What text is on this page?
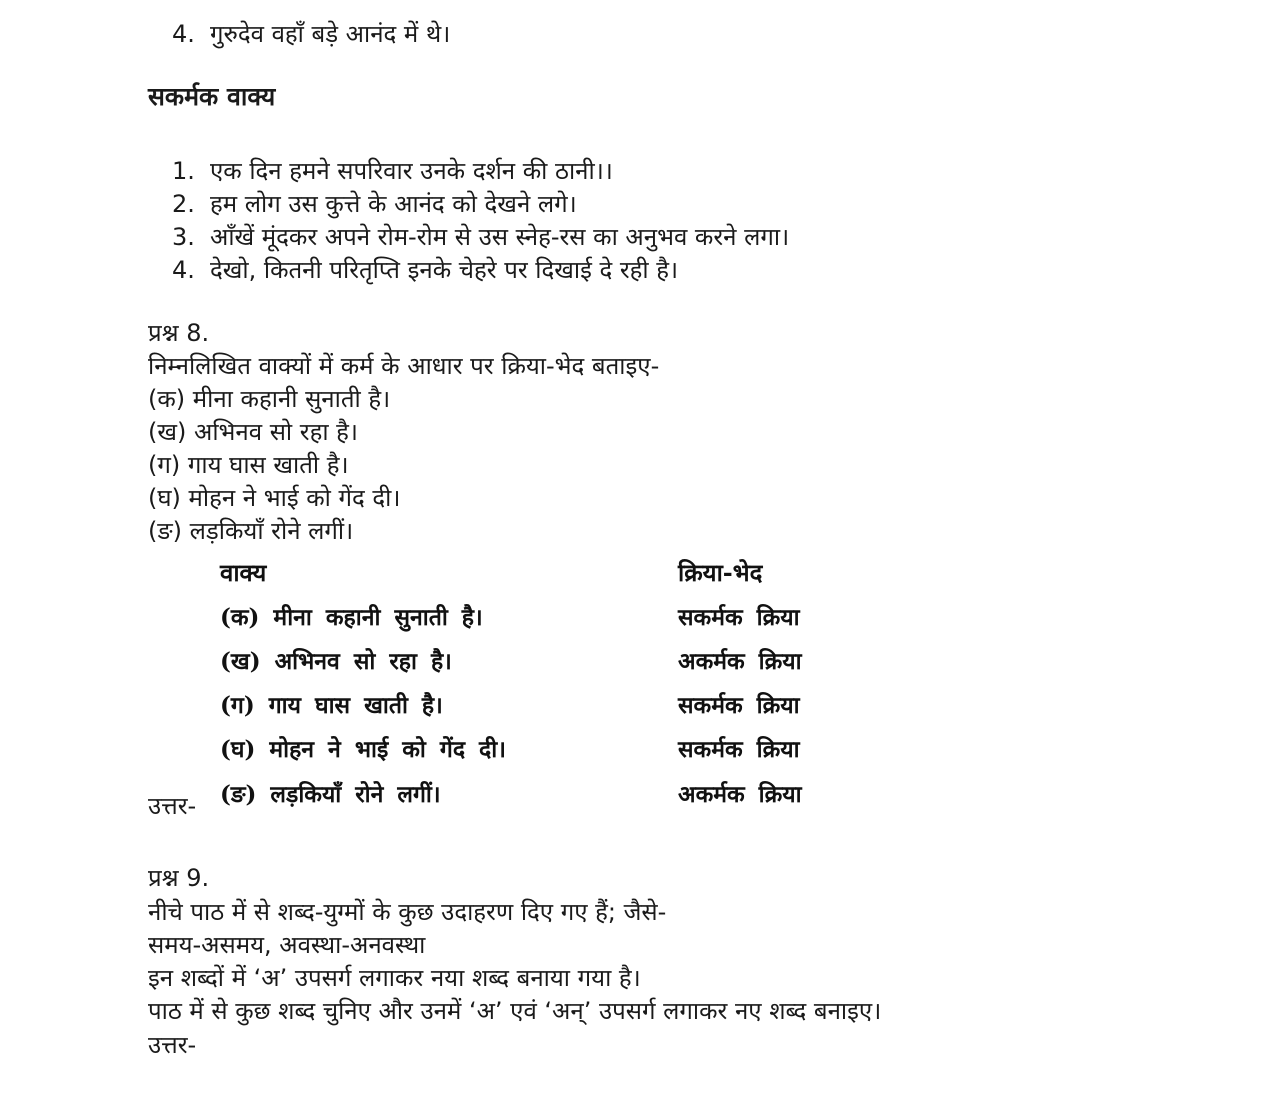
4. गुरुदेव वहाँ बड़े आनंद में थे।
सकर्मक वाक्य
1. एक दिन हमने सपरिवार उनके दर्शन की ठानी।।
2. हम लोग उस कुत्ते के आनंद को देखने लगे।
3. आँखें मूंदकर अपने रोम-रोम से उस स्नेह-रस का अनुभव करने लगा।
4. देखो, कितनी परितृप्ति इनके चेहरे पर दिखाई दे रही है।
प्रश्न 8.
निम्नलिखित वाक्यों में कर्म के आधार पर क्रिया-भेद बताइए-
(क) मीना कहानी सुनाती है।
(ख) अभिनव सो रहा है।
(ग) गाय घास खाती है।
(घ) मोहन ने भाई को गेंद दी।
(ङ) लड़कियाँ रोने लगीं।
उत्तर-
वाक्य	क्रिया-भेद
(क) मीना कहानी सुनाती है।	सकर्मक क्रिया
(ख) अभिनव सो रहा है।	अकर्मक क्रिया
(ग) गाय घास खाती है।	सकर्मक क्रिया
(घ) मोहन ने भाई को गेंद दी।	सकर्मक क्रिया
(ङ) लड़कियाँ रोने लगीं।	अकर्मक क्रिया
प्रश्न 9.
नीचे पाठ में से शब्द-युग्मों के कुछ उदाहरण दिए गए हैं; जैसे-
समय-असमय, अवस्था-अनवस्था
इन शब्दों में ‘अ’ उपसर्ग लगाकर नया शब्द बनाया गया है।
पाठ में से कुछ शब्द चुनिए और उनमें ‘अ’ एवं ‘अन्’ उपसर्ग लगाकर नए शब्द बनाइए।
उत्तर-
